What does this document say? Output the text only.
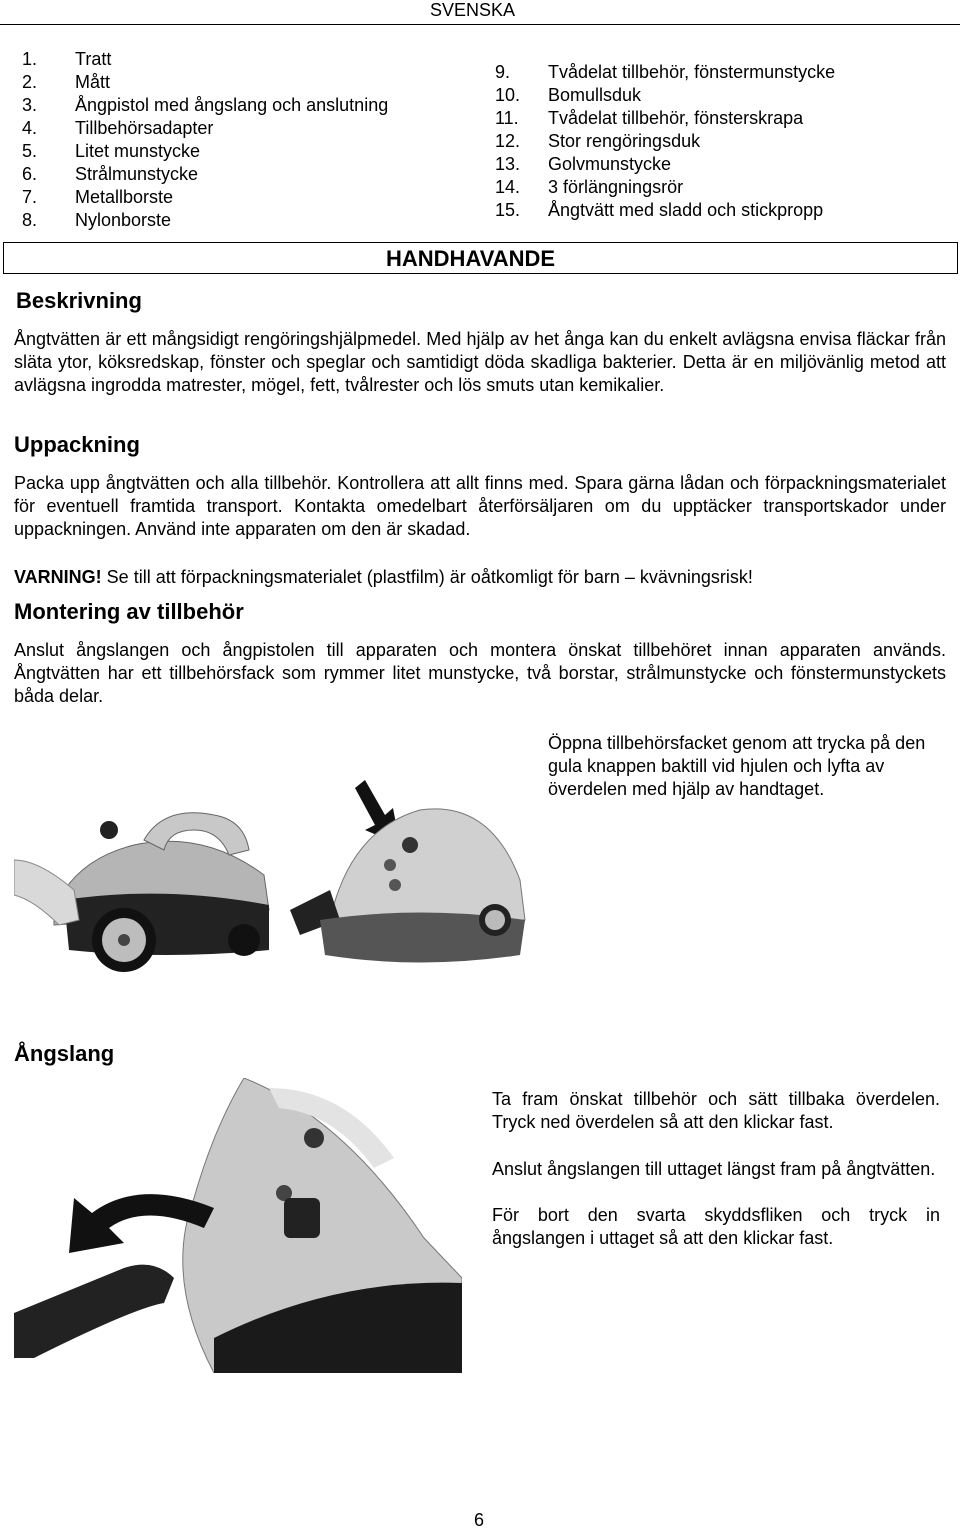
SVENSKA
1.	Tratt
2.	Mått
3.	Ångpistol med ångslang och anslutning
4.	Tillbehörsadapter
5.	Litet munstycke
6.	Strålmunstycke
7.	Metallborste
8.	Nylonborste
9.	Tvådelat tillbehör, fönstermunstycke
10.	Bomullsduk
11.	Tvådelat tillbehör, fönsterskrapa
12.	Stor rengöringsduk
13.	Golvmunstycke
14.	3 förlängningsrör
15.	Ångtvätt med sladd och stickpropp
HANDHAVANDE
Beskrivning
Ångtvätten är ett mångsidigt rengöringshjälpmedel. Med hjälp av het ånga kan du enkelt avlägsna envisa fläckar från släta ytor, köksredskap, fönster och speglar och samtidigt döda skadliga bakterier. Detta är en miljövänlig metod att avlägsna ingrodda matrester, mögel, fett, tvålrester och lös smuts utan kemikalier.
Uppackning
Packa upp ångtvätten och alla tillbehör. Kontrollera att allt finns med. Spara gärna lådan och förpackningsmaterialet för eventuell framtida transport. Kontakta omedelbart återförsäljaren om du upptäcker transportskador under uppackningen. Använd inte apparaten om den är skadad.
VARNING! Se till att förpackningsmaterialet (plastfilm) är oåtkomligt för barn – kvävningsrisk!
Montering av tillbehör
Anslut ångslangen och ångpistolen till apparaten och montera önskat tillbehöret innan apparaten används. Ångtvätten har ett tillbehörsfack som rymmer litet munstycke, två borstar, strålmunstycke och fönstermunstyckets båda delar.
Öppna tillbehörsfacket genom att trycka på den gula knappen baktill vid hjulen och lyfta av överdelen med hjälp av handtaget.
Ångslang
Ta fram önskat tillbehör och sätt tillbaka överdelen. Tryck ned överdelen så att den klickar fast.
Anslut ångslangen till uttaget längst fram på ångtvätten.
För bort den svarta skyddsfliken och tryck in ångslangen i uttaget så att den klickar fast.
6
